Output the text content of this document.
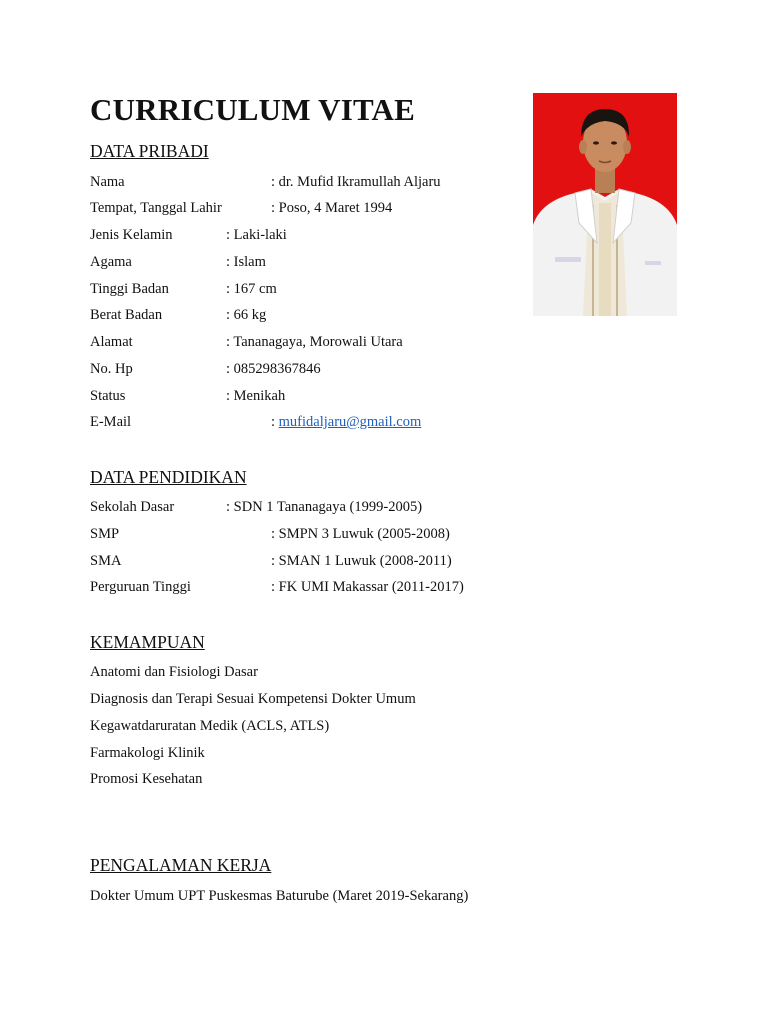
CURRICULUM VITAE
DATA PRIBADI
Nama	: dr. Mufid Ikramullah Aljaru
Tempat, Tanggal Lahir	: Poso, 4 Maret 1994
Jenis Kelamin	: Laki-laki
Agama	: Islam
Tinggi Badan	: 167 cm
Berat Badan	: 66 kg
Alamat	: Tananagaya, Morowali Utara
No. Hp	: 085298367846
Status	: Menikah
E-Mail	: mufidaljaru@gmail.com
DATA PENDIDIKAN
Sekolah Dasar	: SDN 1 Tananagaya (1999-2005)
SMP	: SMPN 3 Luwuk (2005-2008)
SMA	: SMAN 1 Luwuk (2008-2011)
Perguruan Tinggi	: FK UMI Makassar (2011-2017)
KEMAMPUAN
Anatomi dan Fisiologi Dasar
Diagnosis dan Terapi Sesuai Kompetensi Dokter Umum
Kegawatdaruratan Medik (ACLS, ATLS)
Farmakologi Klinik
Promosi Kesehatan
PENGALAMAN KERJA
Dokter Umum UPT Puskesmas Baturube (Maret 2019-Sekarang)
